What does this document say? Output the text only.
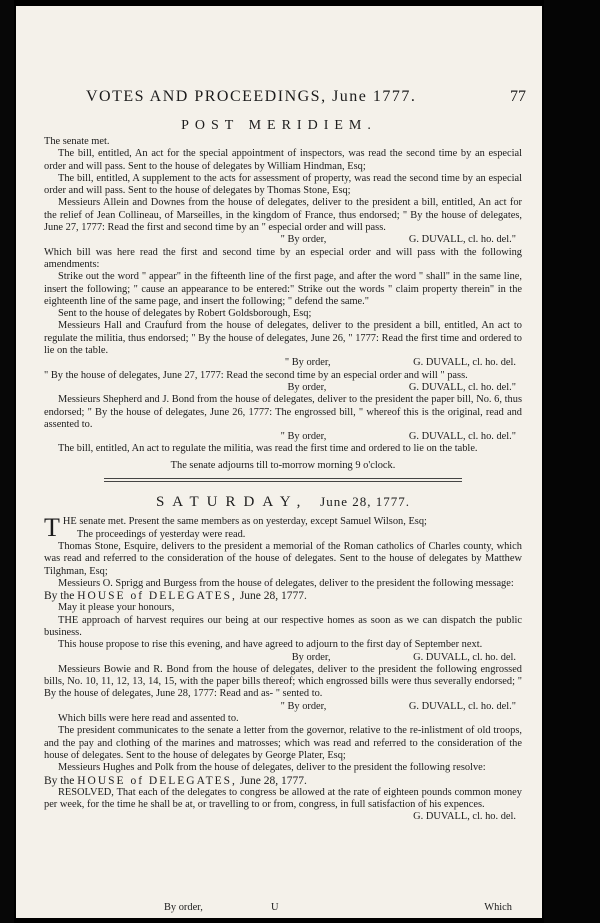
VOTES AND PROCEEDINGS, June 1777.	77
POST MERIDIEM.

The senate met.

The bill, entitled, An act for the special appointment of inspectors, was read the second time by an especial order and will pass. Sent to the house of delegates by William Hindman, Esq;

The bill, entitled, A supplement to the acts for assessment of property, was read the second time by an especial order and will pass. Sent to the house of delegates by Thomas Stone, Esq;

Messieurs Allein and Downes from the house of delegates, deliver to the president a bill, entitled, An act for the relief of Jean Collineau, of Marseilles, in the kingdom of France, thus endorsed; " By the house of delegates, June 27, 1777: Read the first and second time by an " especial order and will pass.

" By order,	G. DUVALL, cl. ho. del."

Which bill was here read the first and second time by an especial order and will pass with the following amendments:

Strike out the word " appear" in the fifteenth line of the first page, and after the word " shall" in the same line, insert the following; " cause an appearance to be entered:" Strike out the words " claim property therein" in the eighteenth line of the same page, and insert the following; " defend the same."

Sent to the house of delegates by Robert Goldsborough, Esq;

Messieurs Hall and Craufurd from the house of delegates, deliver to the president a bill, entitled, An act to regulate the militia, thus endorsed; " By the house of delegates, June 26, " 1777: Read the first time and ordered to lie on the table.

" By order,	G. DUVALL, cl. ho. del.

" By the house of delegates, June 27, 1777: Read the second time by an especial order and will " pass.

By order,	G. DUVALL, cl. ho. del."

Messieurs Shepherd and J. Bond from the house of delegates, deliver to the president the paper bill, No. 6, thus endorsed; " By the house of delegates, June 26, 1777: The engrossed bill, " whereof this is the original, read and assented to.

" By order,	G. DUVALL, cl. ho. del."

The bill, entitled, An act to regulate the militia, was read the first time and ordered to lie on the table.

The senate adjourns till to-morrow morning 9 o'clock.

SATURDAY, June 28, 1777.

THE senate met. Present the same members as on yesterday, except Samuel Wilson, Esq;

The proceedings of yesterday were read.

Thomas Stone, Esquire, delivers to the president a memorial of the Roman catholics of Charles county, which was read and referred to the consideration of the house of delegates. Sent to the house of delegates by Matthew Tilghman, Esq;

Messieurs O. Sprigg and Burgess from the house of delegates, deliver to the president the following message:

By the HOUSE of DELEGATES, June 28, 1777.

May it please your honours,

THE approach of harvest requires our being at our respective homes as soon as we can dispatch the public business.

This house propose to rise this evening, and have agreed to adjourn to the first day of September next.

By order,	G. DUVALL, cl. ho. del.

Messieurs Bowie and R. Bond from the house of delegates, deliver to the president the following engrossed bills, No. 10, 11, 12, 13, 14, 15, with the paper bills thereof; which engrossed bills were thus severally endorsed; " By the house of delegates, June 28, 1777: Read and as- " sented to.

" By order,	G. DUVALL, cl. ho. del."

Which bills were here read and assented to.

The president communicates to the senate a letter from the governor, relative to the re-inlistment of old troops, and the pay and clothing of the marines and matrosses; which was read and referred to the consideration of the house of delegates. Sent to the house of delegates by George Plater, Esq;

Messieurs Hughes and Polk from the house of delegates, deliver to the president the following resolve:

By the HOUSE of DELEGATES, June 28, 1777.

RESOLVED, That each of the delegates to congress be allowed at the rate of eighteen pounds common money per week, for the time he shall be at, or travelling to or from, congress, in full satisfaction of his expences.

G. DUVALL, cl. ho. del.
By order,	U	Which
